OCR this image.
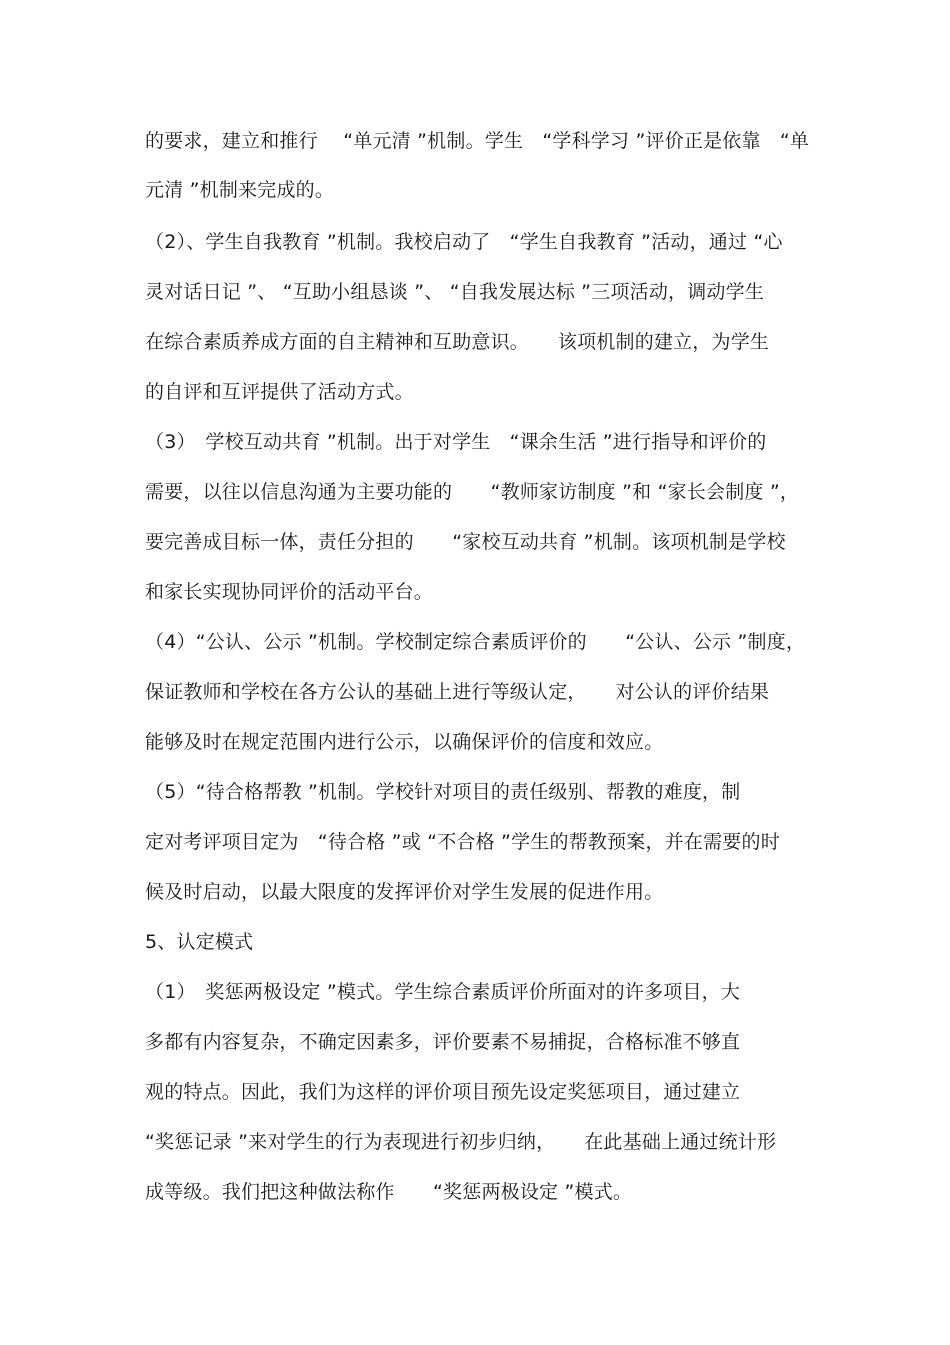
的要求，建立和推行　 “单元清 ”机制。学生　“学科学习 ”评价正是依靠　“单
元清 ”机制来完成的。
（2）、学生自我教育 ”机制。我校启动了　“学生自我教育 ”活动，通过 “心
灵对话日记 ”、 “互助小组恳谈 ”、 “自我发展达标 ”三项活动，调动学生
在综合素质养成方面的自主精神和互助意识。　　该项机制的建立，为学生
的自评和互评提供了活动方式。
（3）　学校互动共育 ”机制。出于对学生　“课余生活 ”进行指导和评价的
需要，以往以信息沟通为主要功能的　　“教师家访制度 ”和 “家长会制度 ”，
要完善成目标一体，责任分担的　　“家校互动共育 ”机制。该项机制是学校
和家长实现协同评价的活动平台。
（4）“公认、公示 ”机制。学校制定综合素质评价的　　“公认、公示 ”制度，
保证教师和学校在各方公认的基础上进行等级认定，　　对公认的评价结果
能够及时在规定范围内进行公示，以确保评价的信度和效应。
（5）“待合格帮教 ”机制。学校针对项目的责任级别、帮教的难度，制
定对考评项目定为　“待合格 ”或 “不合格 ”学生的帮教预案，并在需要的时
候及时启动，以最大限度的发挥评价对学生发展的促进作用。
5、认定模式
（1）　奖惩两极设定 ”模式。学生综合素质评价所面对的许多项目，大
多都有内容复杂，不确定因素多，评价要素不易捕捉，合格标准不够直
观的特点。因此，我们为这样的评价项目预先设定奖惩项目，通过建立
“奖惩记录 ”来对学生的行为表现进行初步归纳，　　在此基础上通过统计形
成等级。我们把这种做法称作　　“奖惩两极设定 ”模式。
